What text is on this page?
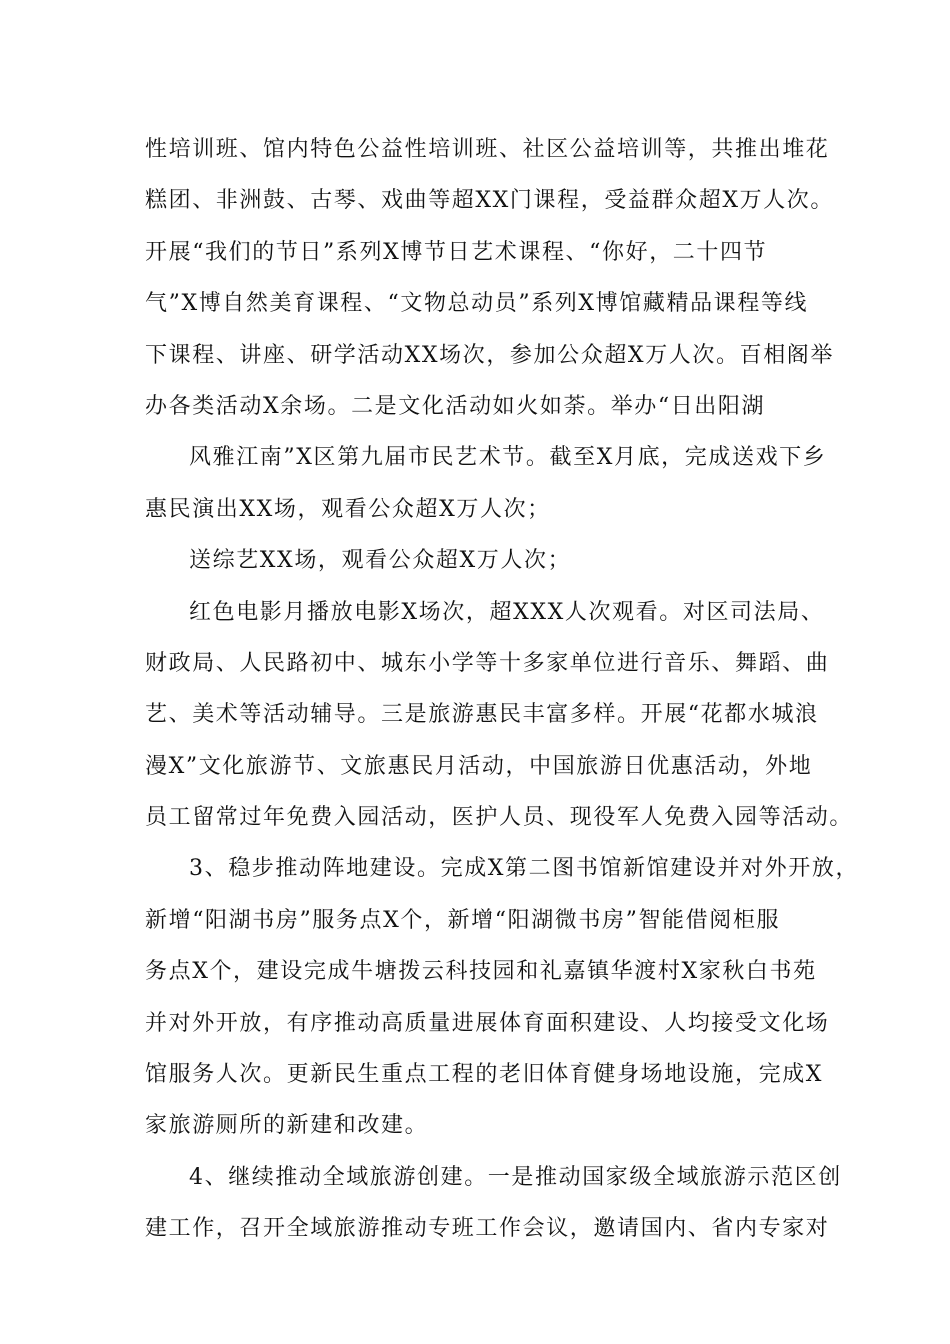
性培训班、馆内特色公益性培训班、社区公益培训等，共推出堆花
糕团、非洲鼓、古琴、戏曲等超XX门课程，受益群众超X万人次。
开展“我们的节日”系列X博节日艺术课程、“你好，二十四节
气”X博自然美育课程、“文物总动员”系列X博馆藏精品课程等线
下课程、讲座、研学活动XX场次，参加公众超X万人次。百相阁举
办各类活动X余场。二是文化活动如火如荼。举办“日出阳湖
风雅江南”X区第九届市民艺术节。截至X月底，完成送戏下乡
惠民演出XX场，观看公众超X万人次；
送综艺XX场，观看公众超X万人次；
红色电影月播放电影X场次，超XXX人次观看。对区司法局、
财政局、人民路初中、城东小学等十多家单位进行音乐、舞蹈、曲
艺、美术等活动辅导。三是旅游惠民丰富多样。开展“花都水城浪
漫X”文化旅游节、文旅惠民月活动，中国旅游日优惠活动，外地
员工留常过年免费入园活动，医护人员、现役军人免费入园等活动。
3、稳步推动阵地建设。完成X第二图书馆新馆建设并对外开放，
新增“阳湖书房”服务点X个，新增“阳湖微书房”智能借阅柜服
务点X个，建设完成牛塘拨云科技园和礼嘉镇华渡村X家秋白书苑
并对外开放，有序推动高质量进展体育面积建设、人均接受文化场
馆服务人次。更新民生重点工程的老旧体育健身场地设施，完成X
家旅游厕所的新建和改建。
4、继续推动全域旅游创建。一是推动国家级全域旅游示范区创
建工作，召开全域旅游推动专班工作会议，邀请国内、省内专家对
